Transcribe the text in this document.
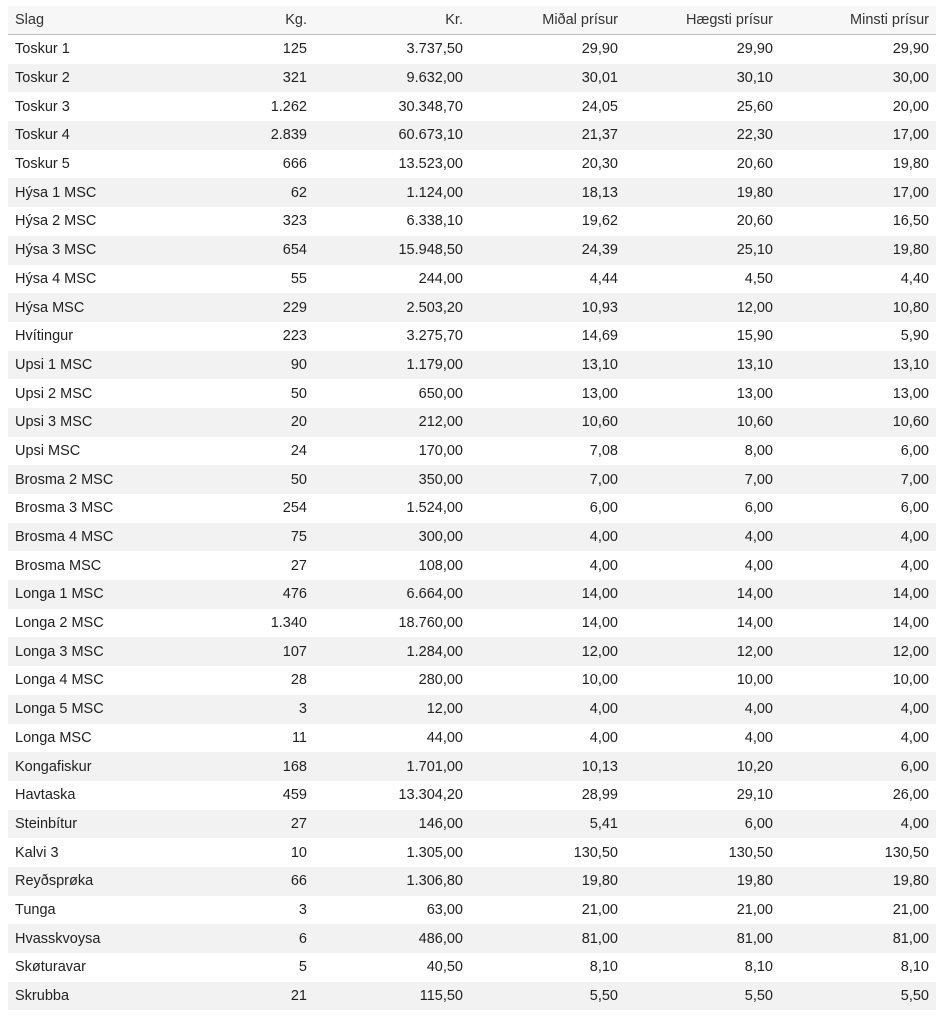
Slag	Kg.	Kr.	Miðal prísur	Hægsti prísur	Minsti prísur
Toskur 1	125	3.737,50	29,90	29,90	29,90
Toskur 2	321	9.632,00	30,01	30,10	30,00
Toskur 3	1.262	30.348,70	24,05	25,60	20,00
Toskur 4	2.839	60.673,10	21,37	22,30	17,00
Toskur 5	666	13.523,00	20,30	20,60	19,80
Hýsa 1 MSC	62	1.124,00	18,13	19,80	17,00
Hýsa 2 MSC	323	6.338,10	19,62	20,60	16,50
Hýsa 3 MSC	654	15.948,50	24,39	25,10	19,80
Hýsa 4 MSC	55	244,00	4,44	4,50	4,40
Hýsa MSC	229	2.503,20	10,93	12,00	10,80
Hvítingur	223	3.275,70	14,69	15,90	5,90
Upsi 1 MSC	90	1.179,00	13,10	13,10	13,10
Upsi 2 MSC	50	650,00	13,00	13,00	13,00
Upsi 3 MSC	20	212,00	10,60	10,60	10,60
Upsi MSC	24	170,00	7,08	8,00	6,00
Brosma 2 MSC	50	350,00	7,00	7,00	7,00
Brosma 3 MSC	254	1.524,00	6,00	6,00	6,00
Brosma 4 MSC	75	300,00	4,00	4,00	4,00
Brosma MSC	27	108,00	4,00	4,00	4,00
Longa 1 MSC	476	6.664,00	14,00	14,00	14,00
Longa 2 MSC	1.340	18.760,00	14,00	14,00	14,00
Longa 3 MSC	107	1.284,00	12,00	12,00	12,00
Longa 4 MSC	28	280,00	10,00	10,00	10,00
Longa 5 MSC	3	12,00	4,00	4,00	4,00
Longa MSC	11	44,00	4,00	4,00	4,00
Kongafiskur	168	1.701,00	10,13	10,20	6,00
Havtaska	459	13.304,20	28,99	29,10	26,00
Steinbítur	27	146,00	5,41	6,00	4,00
Kalvi 3	10	1.305,00	130,50	130,50	130,50
Reyðsprøka	66	1.306,80	19,80	19,80	19,80
Tunga	3	63,00	21,00	21,00	21,00
Hvasskvoysa	6	486,00	81,00	81,00	81,00
Skøturavar	5	40,50	8,10	8,10	8,10
Skrubba	21	115,50	5,50	5,50	5,50
